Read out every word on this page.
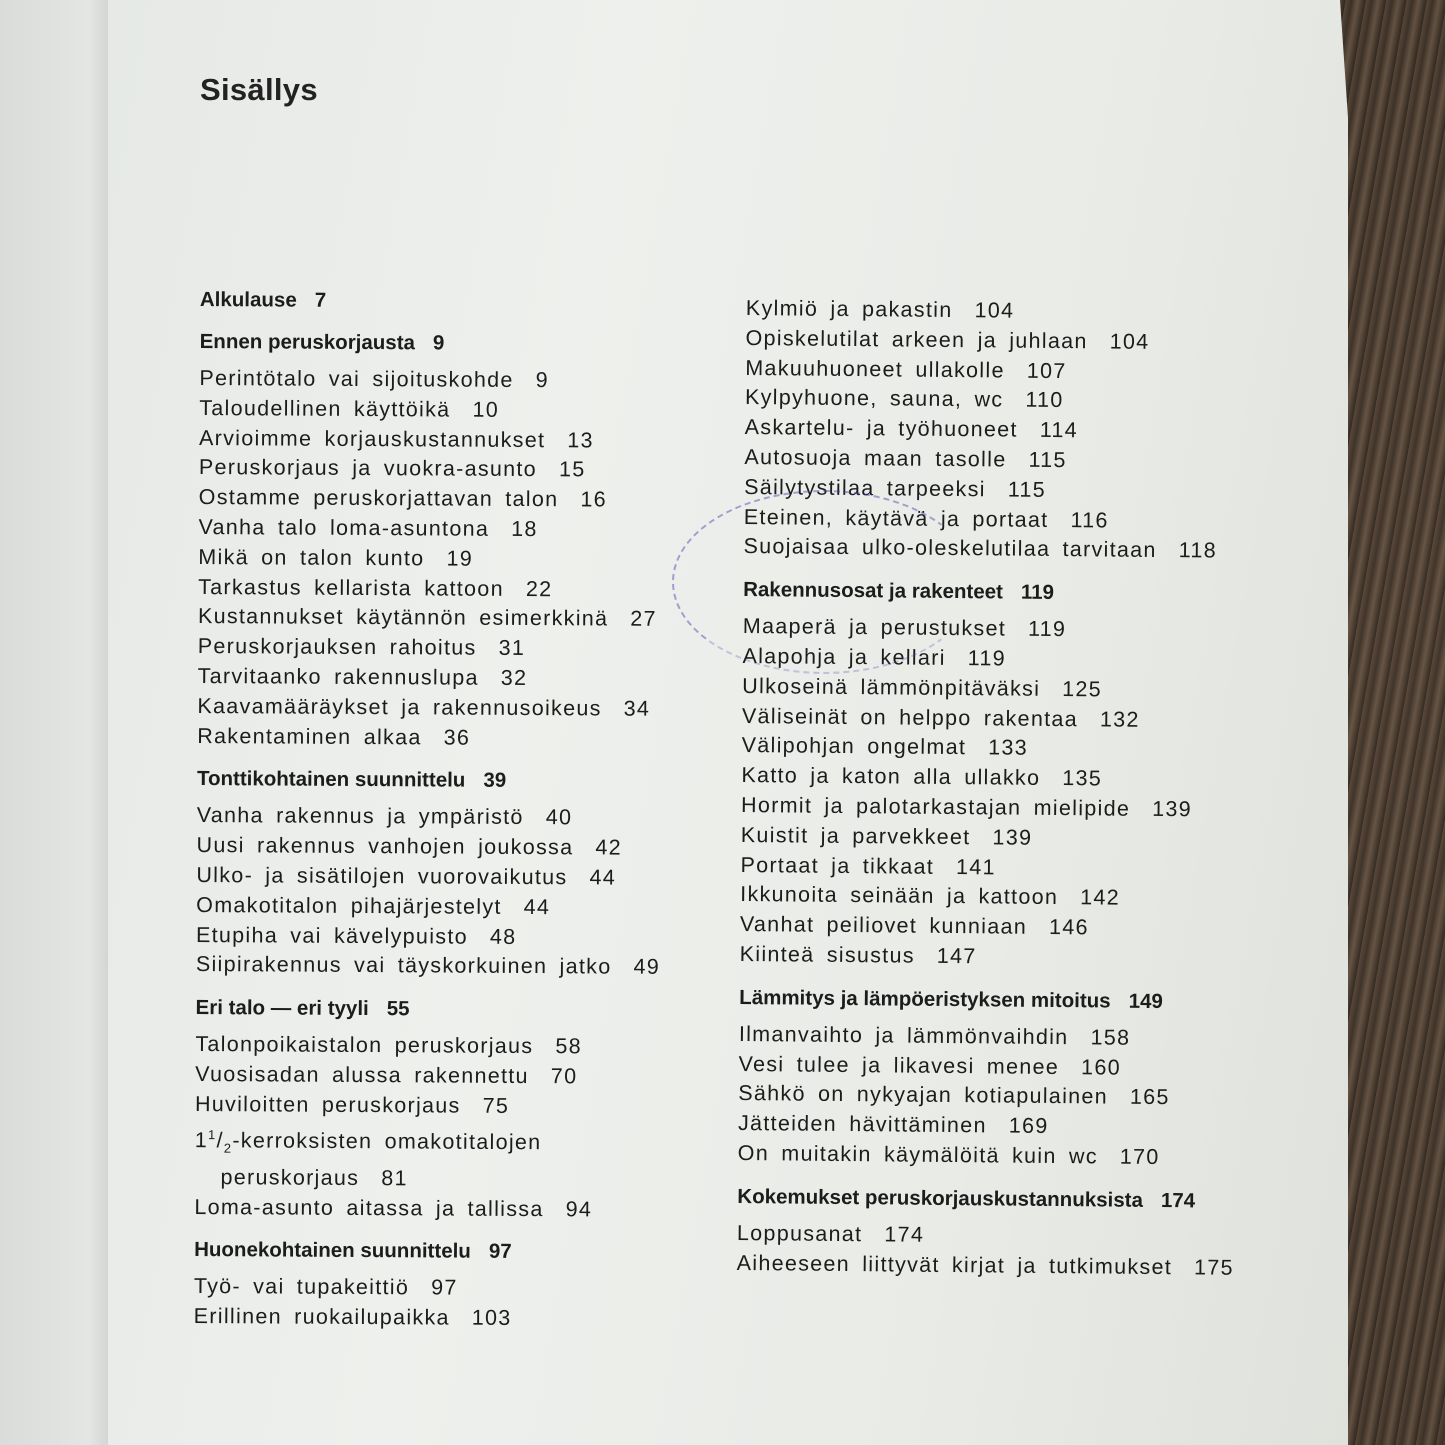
Sisällys
Alkulause 7
Ennen peruskorjausta 9
Perintötalo vai sijoituskohde 9
Taloudellinen käyttöikä 10
Arvioimme korjauskustannukset 13
Peruskorjaus ja vuokra-asunto 15
Ostamme peruskorjattavan talon 16
Vanha talo loma-asuntona 18
Mikä on talon kunto 19
Tarkastus kellarista kattoon 22
Kustannukset käytännön esimerkkinä 27
Peruskorjauksen rahoitus 31
Tarvitaanko rakennuslupa 32
Kaavamääräykset ja rakennusoikeus 34
Rakentaminen alkaa 36
Tonttikohtainen suunnittelu 39
Vanha rakennus ja ympäristö 40
Uusi rakennus vanhojen joukossa 42
Ulko- ja sisätilojen vuorovaikutus 44
Omakotitalon pihajärjestelyt 44
Etupiha vai kävelypuisto 48
Siipirakennus vai täyskorkuinen jatko 49
Eri talo — eri tyyli 55
Talonpoikaistalon peruskorjaus 58
Vuosisadan alussa rakennettu 70
Huviloitten peruskorjaus 75
$1^1/_2$-kerroksisten omakotitalojen
peruskorjaus 81
Loma-asunto aitassa ja tallissa 94
Huonekohtainen suunnittelu 97
Työ- vai tupakeittiö 97
Erillinen ruokailupaikka 103
Kylmiö ja pakastin 104
Opiskelutilat arkeen ja juhlaan 104
Makuuhuoneet ullakolle 107
Kylpyhuone, sauna, wc 110
Askartelu- ja työhuoneet 114
Autosuoja maan tasolle 115
Säilytystilaa tarpeeksi 115
Eteinen, käytävä ja portaat 116
Suojaisaa ulko-oleskelutilaa tarvitaan 118
Rakennusosat ja rakenteet 119
Maaperä ja perustukset 119
Alapohja ja kellari 119
Ulkoseinä lämmönpitäväksi 125
Väliseinät on helppo rakentaa 132
Välipohjan ongelmat 133
Katto ja katon alla ullakko 135
Hormit ja palotarkastajan mielipide 139
Kuistit ja parvekkeet 139
Portaat ja tikkaat 141
Ikkunoita seinään ja kattoon 142
Vanhat peiliovet kunniaan 146
Kiinteä sisustus 147
Lämmitys ja lämpöeristyksen mitoitus 149
Ilmanvaihto ja lämmönvaihdin 158
Vesi tulee ja likavesi menee 160
Sähkö on nykyajan kotiapulainen 165
Jätteiden hävittäminen 169
On muitakin käymälöitä kuin wc 170
Kokemukset peruskorjauskustannuksista 174
Loppusanat 174
Aiheeseen liittyvät kirjat ja tutkimukset 175
